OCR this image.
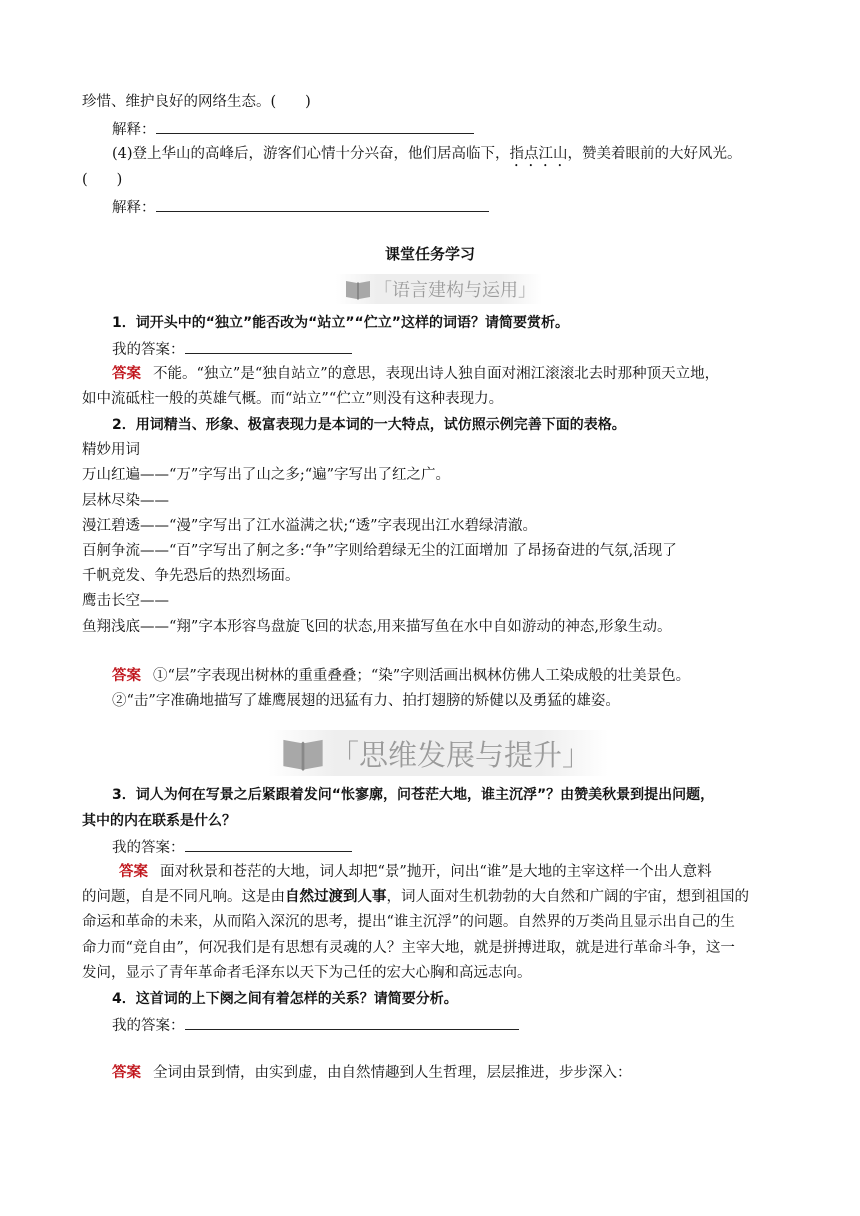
珍惜、维护良好的网络生态。(　　)
解释：
(4)登上华山的高峰后，游客们心情十分兴奋，他们居高临下，指点江山，赞美着眼前的大好风光。
(　　)
解释：
课堂任务学习
「语言建构与运用」
1．词开头中的“独立”能否改为“站立”“伫立”这样的词语？请简要赏析。
我的答案：
答案 不能。“独立”是“独自站立”的意思，表现出诗人独自面对湘江滚滚北去时那种顶天立地，
如中流砥柱一般的英雄气概。而“站立”“伫立”则没有这种表现力。
2．用词精当、形象、极富表现力是本词的一大特点，试仿照示例完善下面的表格。
精妙用词
万山红遍——“万”字写出了山之多;“遍”字写出了红之广。
层林尽染——
漫江碧透——“漫”字写出了江水溢满之状;“透”字表现出江水碧绿清澈。
百舸争流——“百”字写出了舸之多:“争”字则给碧绿无尘的江面增加 了昂扬奋进的气氛,活现了
千帆竞发、争先恐后的热烈场面。
鹰击长空——
鱼翔浅底——“翔”字本形容鸟盘旋飞回的状态,用来描写鱼在水中自如游动的神态,形象生动。
答案 ①“层”字表现出树林的重重叠叠；“染”字则活画出枫林仿佛人工染成般的壮美景色。
②“击”字准确地描写了雄鹰展翅的迅猛有力、拍打翅膀的矫健以及勇猛的雄姿。
「思维发展与提升」
3．词人为何在写景之后紧跟着发问“怅寥廓，问苍茫大地，谁主沉浮”？由赞美秋景到提出问题，
其中的内在联系是什么？
我的答案：
答案 面对秋景和苍茫的大地，词人却把“景”抛开，问出“谁”是大地的主宰这样一个出人意料
的问题，自是不同凡响。这是由自然过渡到人事，词人面对生机勃勃的大自然和广阔的宇宙，想到祖国的
命运和革命的未来，从而陷入深沉的思考，提出“谁主沉浮”的问题。自然界的万类尚且显示出自己的生
命力而“竞自由”，何况我们是有思想有灵魂的人？主宰大地，就是拼搏进取，就是进行革命斗争，这一
发问，显示了青年革命者毛泽东以天下为己任的宏大心胸和高远志向。
4．这首词的上下阕之间有着怎样的关系？请简要分析。
我的答案：
答案 全词由景到情，由实到虚，由自然情趣到人生哲理，层层推进，步步深入：
